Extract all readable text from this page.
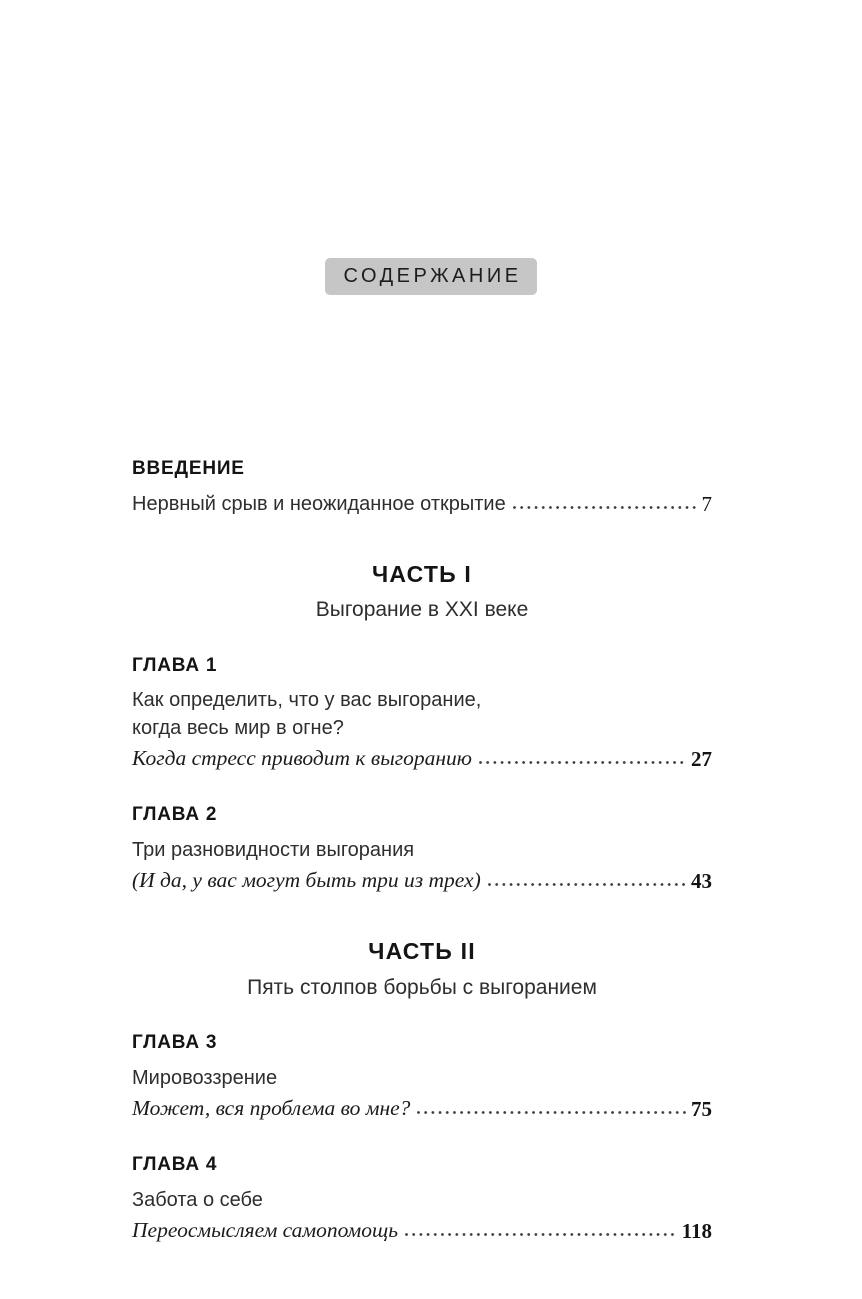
СОДЕРЖАНИЕ
ВВЕДЕНИЕ
Нервный срыв и неожиданное открытие	7
ЧАСТЬ I
Выгорание в XXI веке
ГЛАВА 1
Как определить, что у вас выгорание,
когда весь мир в огне?
Когда стресс приводит к выгоранию	27
ГЛАВА 2
Три разновидности выгорания
(И да, у вас могут быть три из трех)	43
ЧАСТЬ II
Пять столпов борьбы с выгоранием
ГЛАВА 3
Мировоззрение
Может, вся проблема во мне?	75
ГЛАВА 4
Забота о себе
Переосмысляем самопомощь	118
